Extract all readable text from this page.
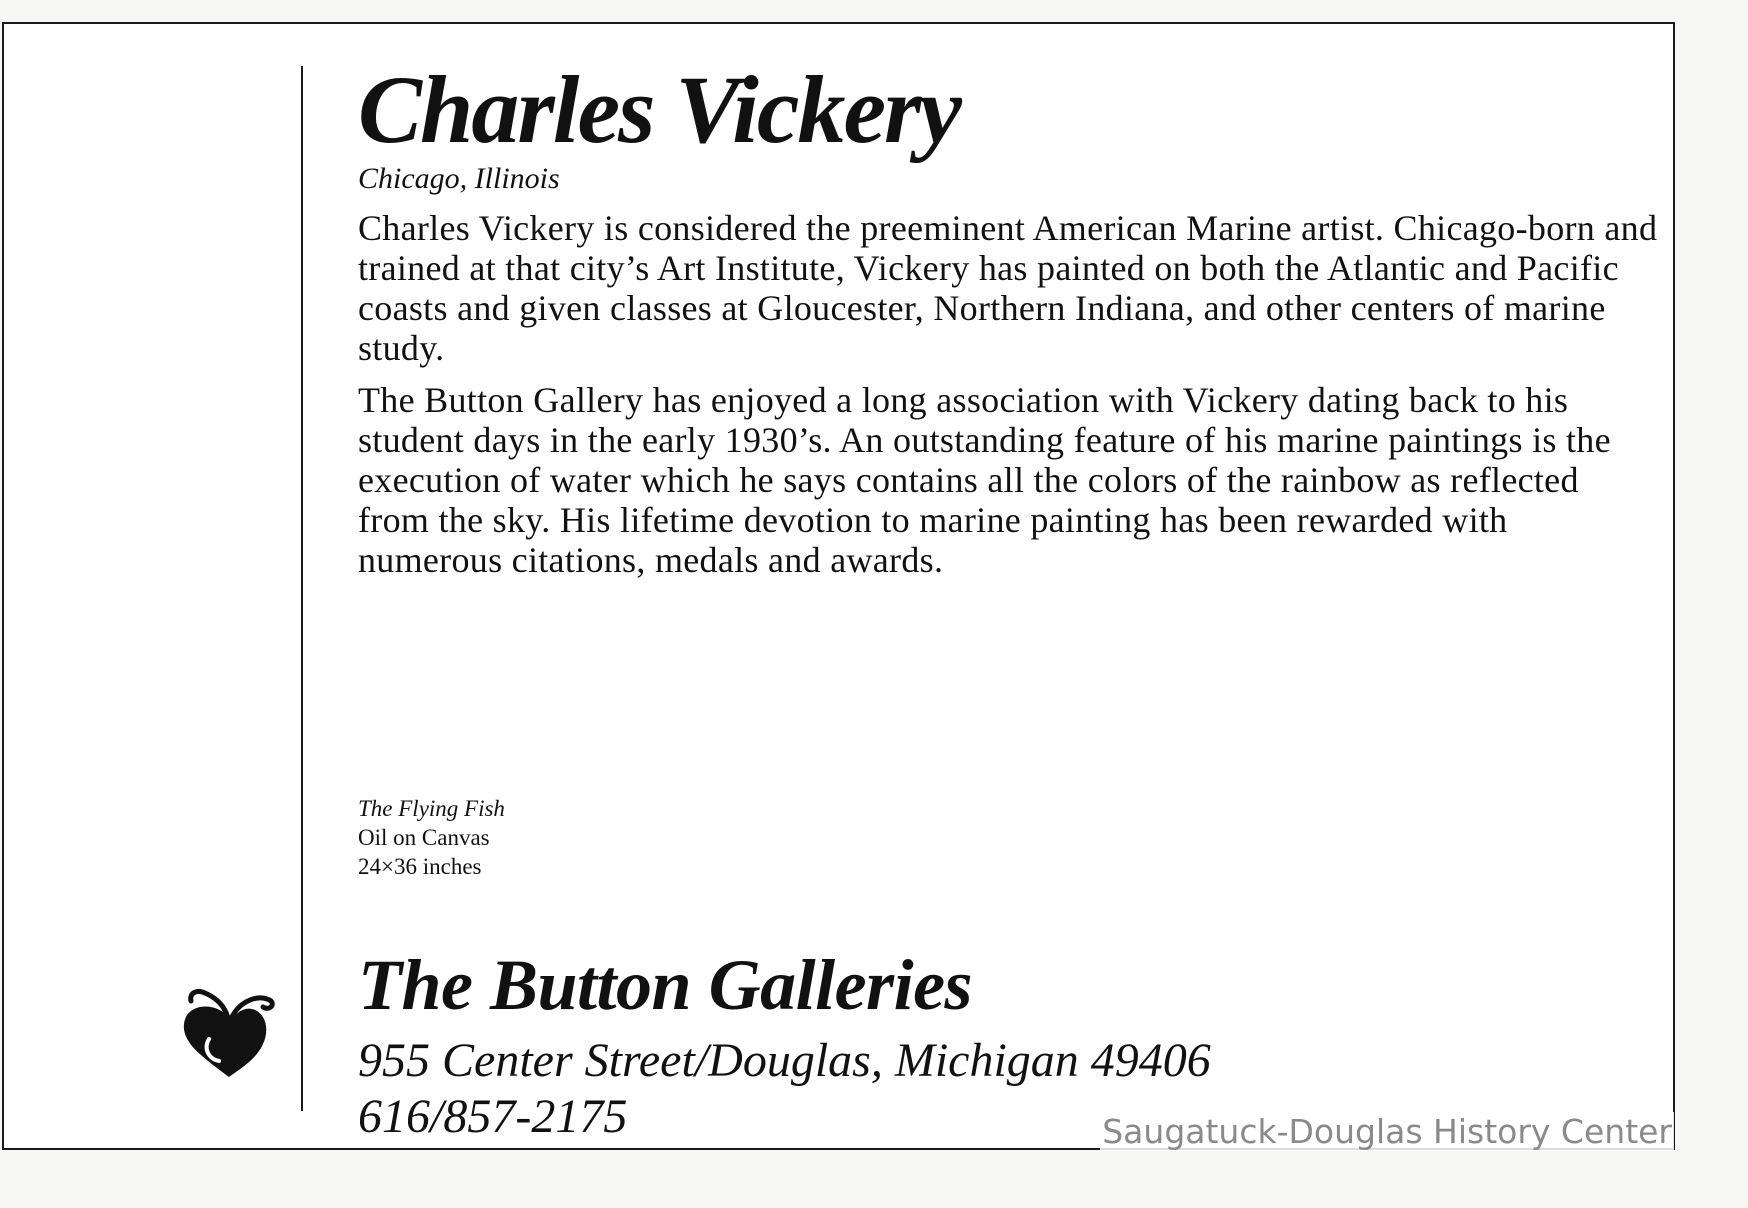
Charles Vickery
Chicago, Illinois

Charles Vickery is considered the preeminent American Marine artist. Chicago-born and trained at that city’s Art Institute, Vickery has painted on both the Atlantic and Pacific coasts and given classes at Gloucester, Northern Indiana, and other centers of marine study.

The Button Gallery has enjoyed a long association with Vickery dating back to his student days in the early 1930’s. An outstanding feature of his marine paintings is the execution of water which he says contains all the colors of the rainbow as reflected from the sky. His lifetime devotion to marine painting has been rewarded with numerous citations, medals and awards.

The Flying Fish
Oil on Canvas
24×36 inches
The Button Galleries
955 Center Street/Douglas, Michigan 49406
616/857-2175	Saugatuck-Douglas History Center
